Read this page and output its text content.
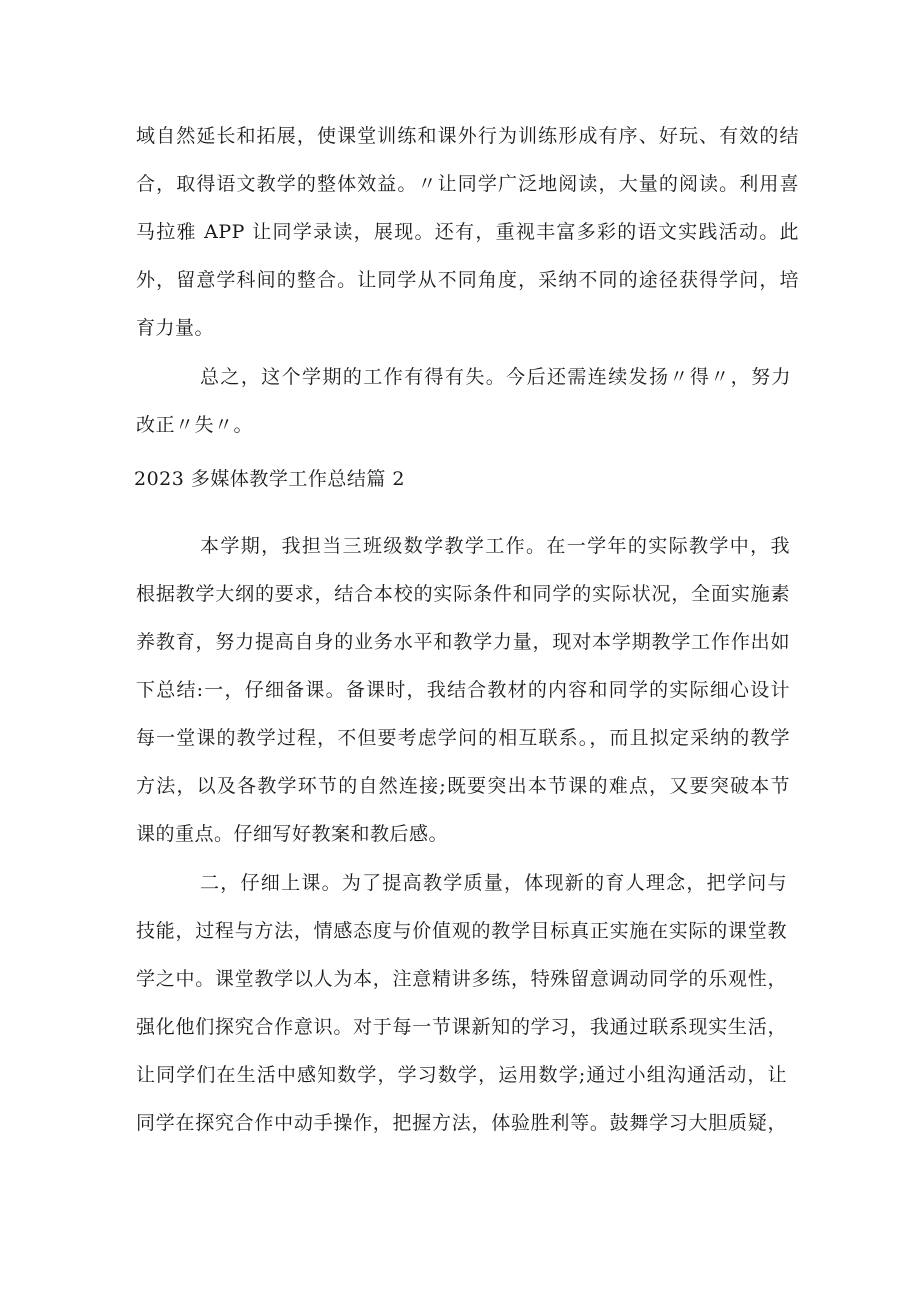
域自然延长和拓展，使课堂训练和课外行为训练形成有序、好玩、有效的结

合，取得语文教学的整体效益。〃让同学广泛地阅读，大量的阅读。利用喜

马拉雅 APP 让同学录读，展现。还有，重视丰富多彩的语文实践活动。此

外，留意学科间的整合。让同学从不同角度，采纳不同的途径获得学问，培

育力量。

总之，这个学期的工作有得有失。今后还需连续发扬〃得〃，努力

改正〃失〃。

2023 多媒体教学工作总结篇 2

本学期，我担当三班级数学教学工作。在一学年的实际教学中，我

根据教学大纲的要求，结合本校的实际条件和同学的实际状况，全面实施素

养教育，努力提高自身的业务水平和教学力量，现对本学期教学工作作出如

下总结:一，仔细备课。备课时，我结合教材的内容和同学的实际细心设计

每一堂课的教学过程，不但要考虑学问的相互联系。，而且拟定采纳的教学

方法，以及各教学环节的自然连接;既要突出本节课的难点，又要突破本节

课的重点。仔细写好教案和教后感。

二，仔细上课。为了提高教学质量，体现新的育人理念，把学问与

技能，过程与方法，情感态度与价值观的教学目标真正实施在实际的课堂教

学之中。课堂教学以人为本，注意精讲多练，特殊留意调动同学的乐观性，

强化他们探究合作意识。对于每一节课新知的学习，我通过联系现实生活，

让同学们在生活中感知数学，学习数学，运用数学;通过小组沟通活动，让

同学在探究合作中动手操作，把握方法，体验胜利等。鼓舞学习大胆质疑，
